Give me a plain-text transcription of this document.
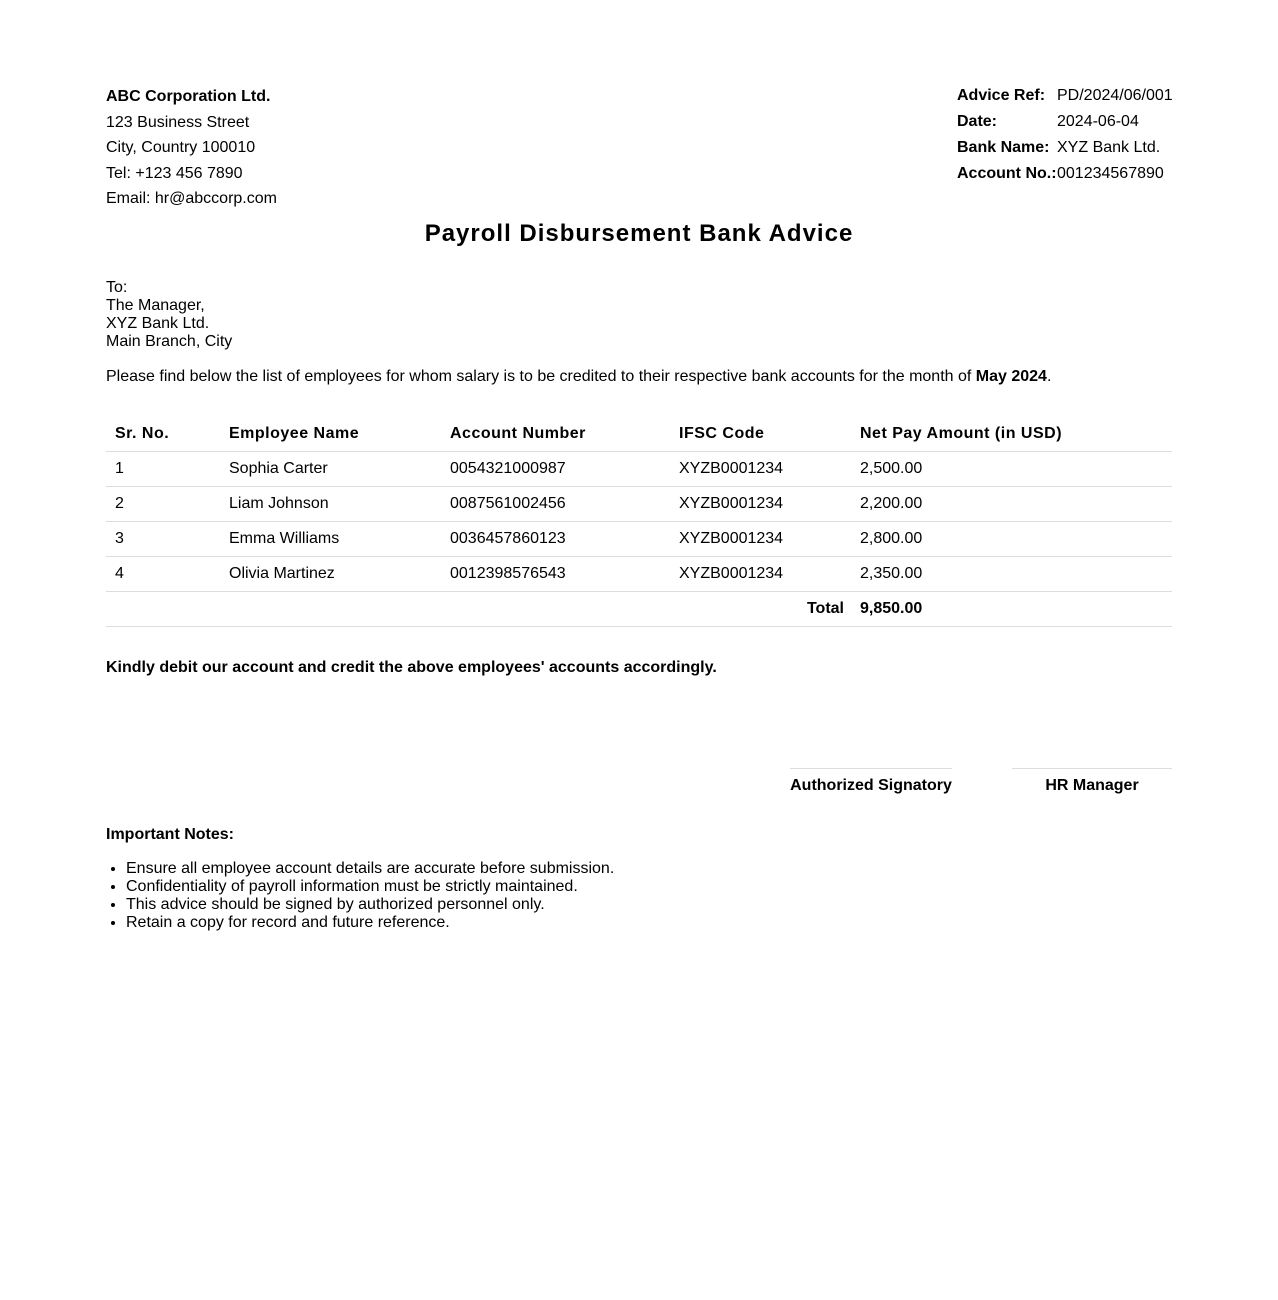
ABC Corporation Ltd.
123 Business Street
City, Country 100010
Tel: +123 456 7890
Email: hr@abccorp.com
Advice Ref: PD/2024/06/001
Date:	2024-06-04
Bank Name: XYZ Bank Ltd.
Account No.: 001234567890
Payroll Disbursement Bank Advice
To:
The Manager,
XYZ Bank Ltd.
Main Branch, City
Please find below the list of employees for whom salary is to be credited to their respective bank accounts for the month of May 2024.
Sr. No.	Employee Name	Account Number	IFSC Code	Net Pay Amount (in USD)
1	Sophia Carter	0054321000987	XYZB0001234	2,500.00
2	Liam Johnson	0087561002456	XYZB0001234	2,200.00
3	Emma Williams	0036457860123	XYZB0001234	2,800.00
4	Olivia Martinez	0012398576543	XYZB0001234	2,350.00
Total				9,850.00
Kindly debit our account and credit the above employees' accounts accordingly.
Authorized Signatory	HR Manager
Important Notes:
• Ensure all employee account details are accurate before submission.
• Confidentiality of payroll information must be strictly maintained.
• This advice should be signed by authorized personnel only.
• Retain a copy for record and future reference.
